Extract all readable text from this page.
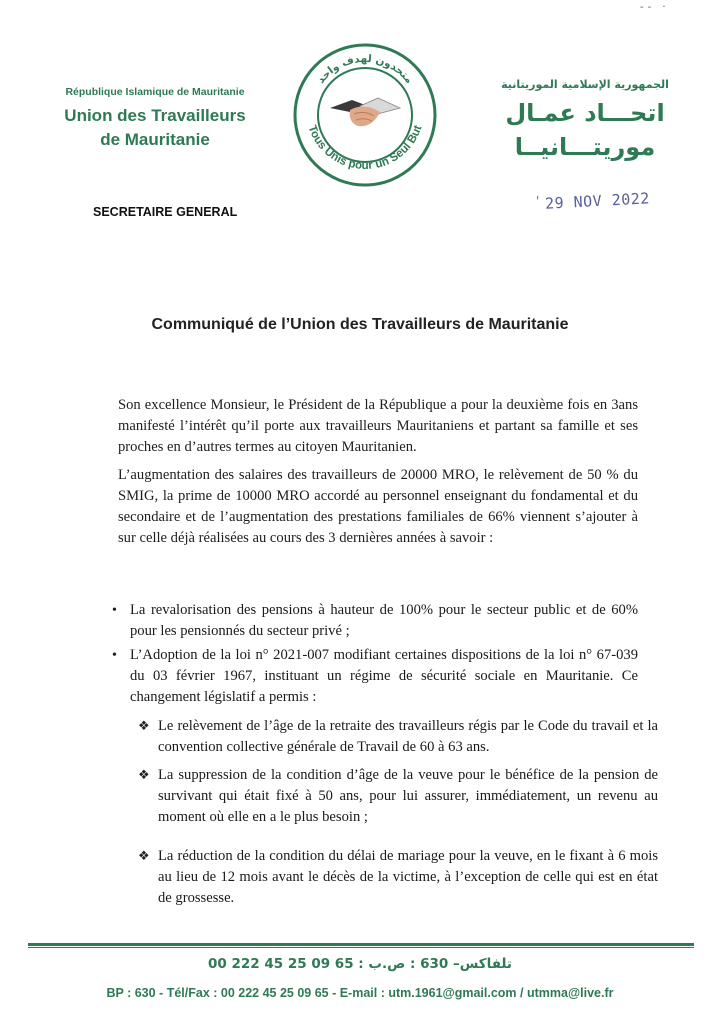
-- ·
République Islamique de Mauritanie
Union des Travailleurs
de Mauritanie
متحدون لهدف واحد
Tous Unis pour un Seul But
الجمهورية الإسلامية الموريتانية
اتحـــاد عمـال
موريتـــانيــا
' 29 NOV 2022
SECRETAIRE GENERAL
Communiqué de l’Union des Travailleurs de Mauritanie
Son excellence Monsieur, le Président de la République a pour la deuxième fois en 3ans manifesté l’intérêt qu’il porte aux travailleurs Mauritaniens et partant sa famille et ses proches en d’autres termes au citoyen Mauritanien.
L’augmentation des salaires des travailleurs de 20000 MRO, le relèvement de 50 % du SMIG, la prime de 10000 MRO accordé au personnel enseignant du fondamental et du secondaire et de l’augmentation des prestations familiales de 66% viennent s’ajouter à sur celle déjà réalisées au cours des 3 dernières années à savoir :
• La revalorisation des pensions à hauteur de 100% pour le secteur public et de 60% pour les pensionnés du secteur privé ;
• L’Adoption de la loi n° 2021-007 modifiant certaines dispositions de la loi n° 67-039 du 03 février 1967, instituant un régime de sécurité sociale en Mauritanie. Ce changement législatif a permis :
❖ Le relèvement de l’âge de la retraite des travailleurs régis par le Code du travail et la convention collective générale de Travail de 60 à 63 ans.
❖ La suppression de la condition d’âge de la veuve pour le bénéfice de la pension de survivant qui était fixé à 50 ans, pour lui assurer, immédiatement, un revenu au moment où elle en a le plus besoin ;
❖ La réduction de la condition du délai de mariage pour la veuve, en le fixant à 6 mois au lieu de 12 mois avant le décès de la victime, à l’exception de celle qui est en état de grossesse.
00 222 45 25 09 65 : تلفاكس– 630 : ص.ب
BP : 630 - Tél/Fax : 00 222 45 25 09 65 - E-mail : utm.1961@gmail.com / utmma@live.fr
